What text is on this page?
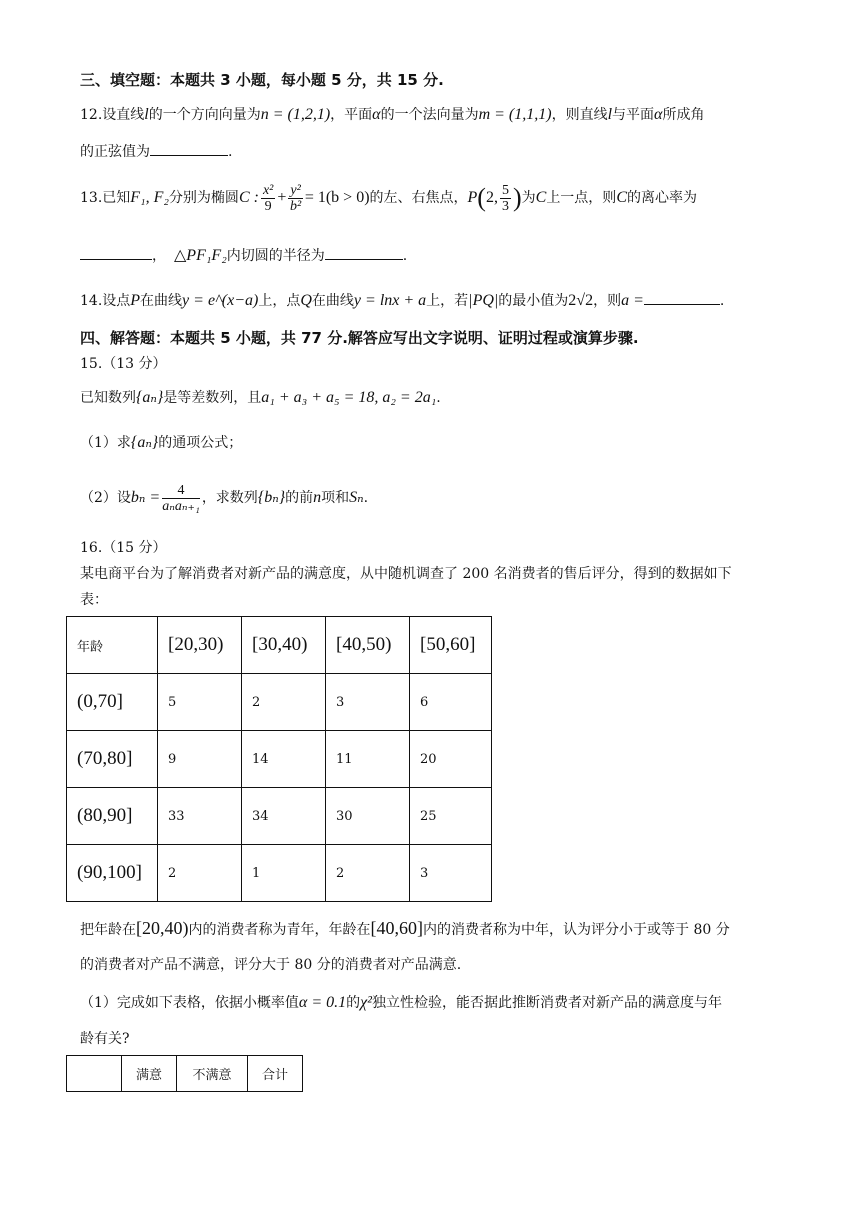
三、填空题：本题共 3 小题，每小题 5 分，共 15 分.
12.设直线l的一个方向向量为n = (1,2,1)，平面α的一个法向量为m = (1,1,1)，则直线l与平面α所成角
的正弦值为	.
13.已知F₁, F₂分别为椭圆C : $\frac{\text{x²}}{9} + \frac{\text{y²}}{\text{b²}} = 1(b > 0)$的左、右焦点，P(2, $\frac{5}{3}$ )为C上一点，则C的离心率为
， △PF₁F₂内切圆的半径为	.
14.设点P在曲线y = e^(x−a)上，点Q在曲线y = lnx + a上，若|PQ|的最小值为2√2，则a =	.
四、解答题：本题共 5 小题，共 77 分.解答应写出文字说明、证明过程或演算步骤.
15.（13 分）
已知数列{aₙ}是等差数列，且a₁ + a₃ + a₅ = 18, a₂ = 2a₁.
（1）求{aₙ}的通项公式；
（2）设$b_n = \frac{4}{\text{aₙaₙ₊₁}}$ ，求数列{bₙ}的前n项和Sₙ.
16.（15 分）
某电商平台为了解消费者对新产品的满意度，从中随机调查了 200 名消费者的售后评分，得到的数据如下
表：
年龄	[20,30)	[30,40)	[40,50)	[50,60]
(0,70]	5	2	3	6
(70,80]	9	14	11	20
(80,90]	33	34	30	25
(90,100]	2	1	2	3
把年龄在[20,40)内的消费者称为青年，年龄在[40,60]内的消费者称为中年，认为评分小于或等于 80 分
的消费者对产品不满意，评分大于 80 分的消费者对产品满意.
（1）完成如下表格，依据小概率值α = 0.1的χ²独立性检验，能否据此推断消费者对新产品的满意度与年
龄有关?
	满意	不满意	合计
